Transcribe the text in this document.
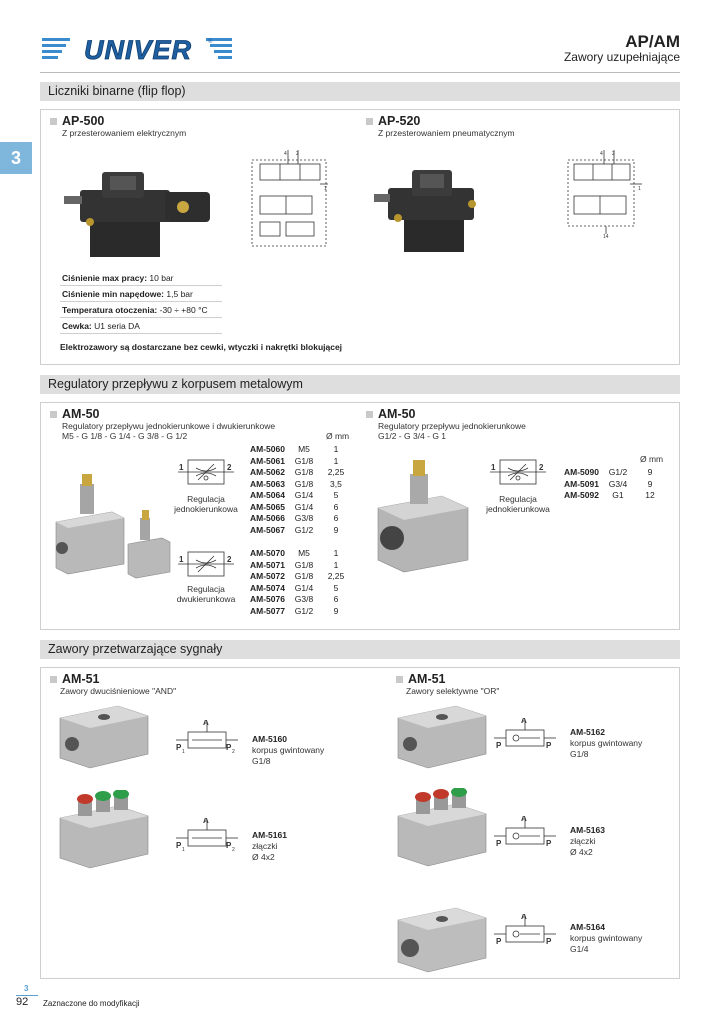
UNIVER	®	AP/AM
Zawory uzupełniające
3
Liczniki binarne (flip flop)
AP-500
Z przesterowaniem elektrycznym
4 2
1
AP-520
Z przesterowaniem pneumatycznym
4 2
1
14
Ciśnienie max pracy: 10 bar
Ciśnienie min napędowe: 1,5 bar
Temperatura otoczenia: -30 ÷ +80 °C
Cewka: U1 seria DA
Elektrozawory są dostarczane bez cewki, wtyczki i nakrętki blokującej
Regulatory przepływu z korpusem metalowym
AM-50
Regulatory przepływu jednokierunkowe i dwukierunkowe
M5 - G 1/8 - G 1/4 - G 3/8 - G 1/2	Ø mm
1	2
Regulacja jednokierunkowa
AM-5060	M5	1
AM-5061	G1/8	1
AM-5062	G1/8	2,25
AM-5063	G1/8	3,5
AM-5064	G1/4	5
AM-5065	G1/4	6
AM-5066	G3/8	6
AM-5067	G1/2	9
1	2
Regulacja dwukierunkowa
AM-5070	M5	1
AM-5071	G1/8	1
AM-5072	G1/8	2,25
AM-5074	G1/4	5
AM-5076	G3/8	6
AM-5077	G1/2	9
AM-50
Regulatory przepływu jednokierunkowe
G1/2 - G 3/4 - G 1
Ø mm
1	2
Regulacja jednokierunkowa
AM-5090	G1/2	9
AM-5091	G3/4	9
AM-5092	G1	12
Zawory przetwarzające sygnały
AM-51
Zawory dwuciśnieniowe "AND"
AM-51
Zawory selektywne "OR"
A
P 1	P 2
AM-5160
korpus gwintowany
G1/8
A
P 1	P 2
AM-5161
złączki
Ø 4x2
A
P	P
AM-5162
korpus gwintowany
G1/8
A
P	P
AM-5163
złączki
Ø 4x2
A
P	P
AM-5164
korpus gwintowany
G1/4
3
92 Zaznaczone do modyfikacji
